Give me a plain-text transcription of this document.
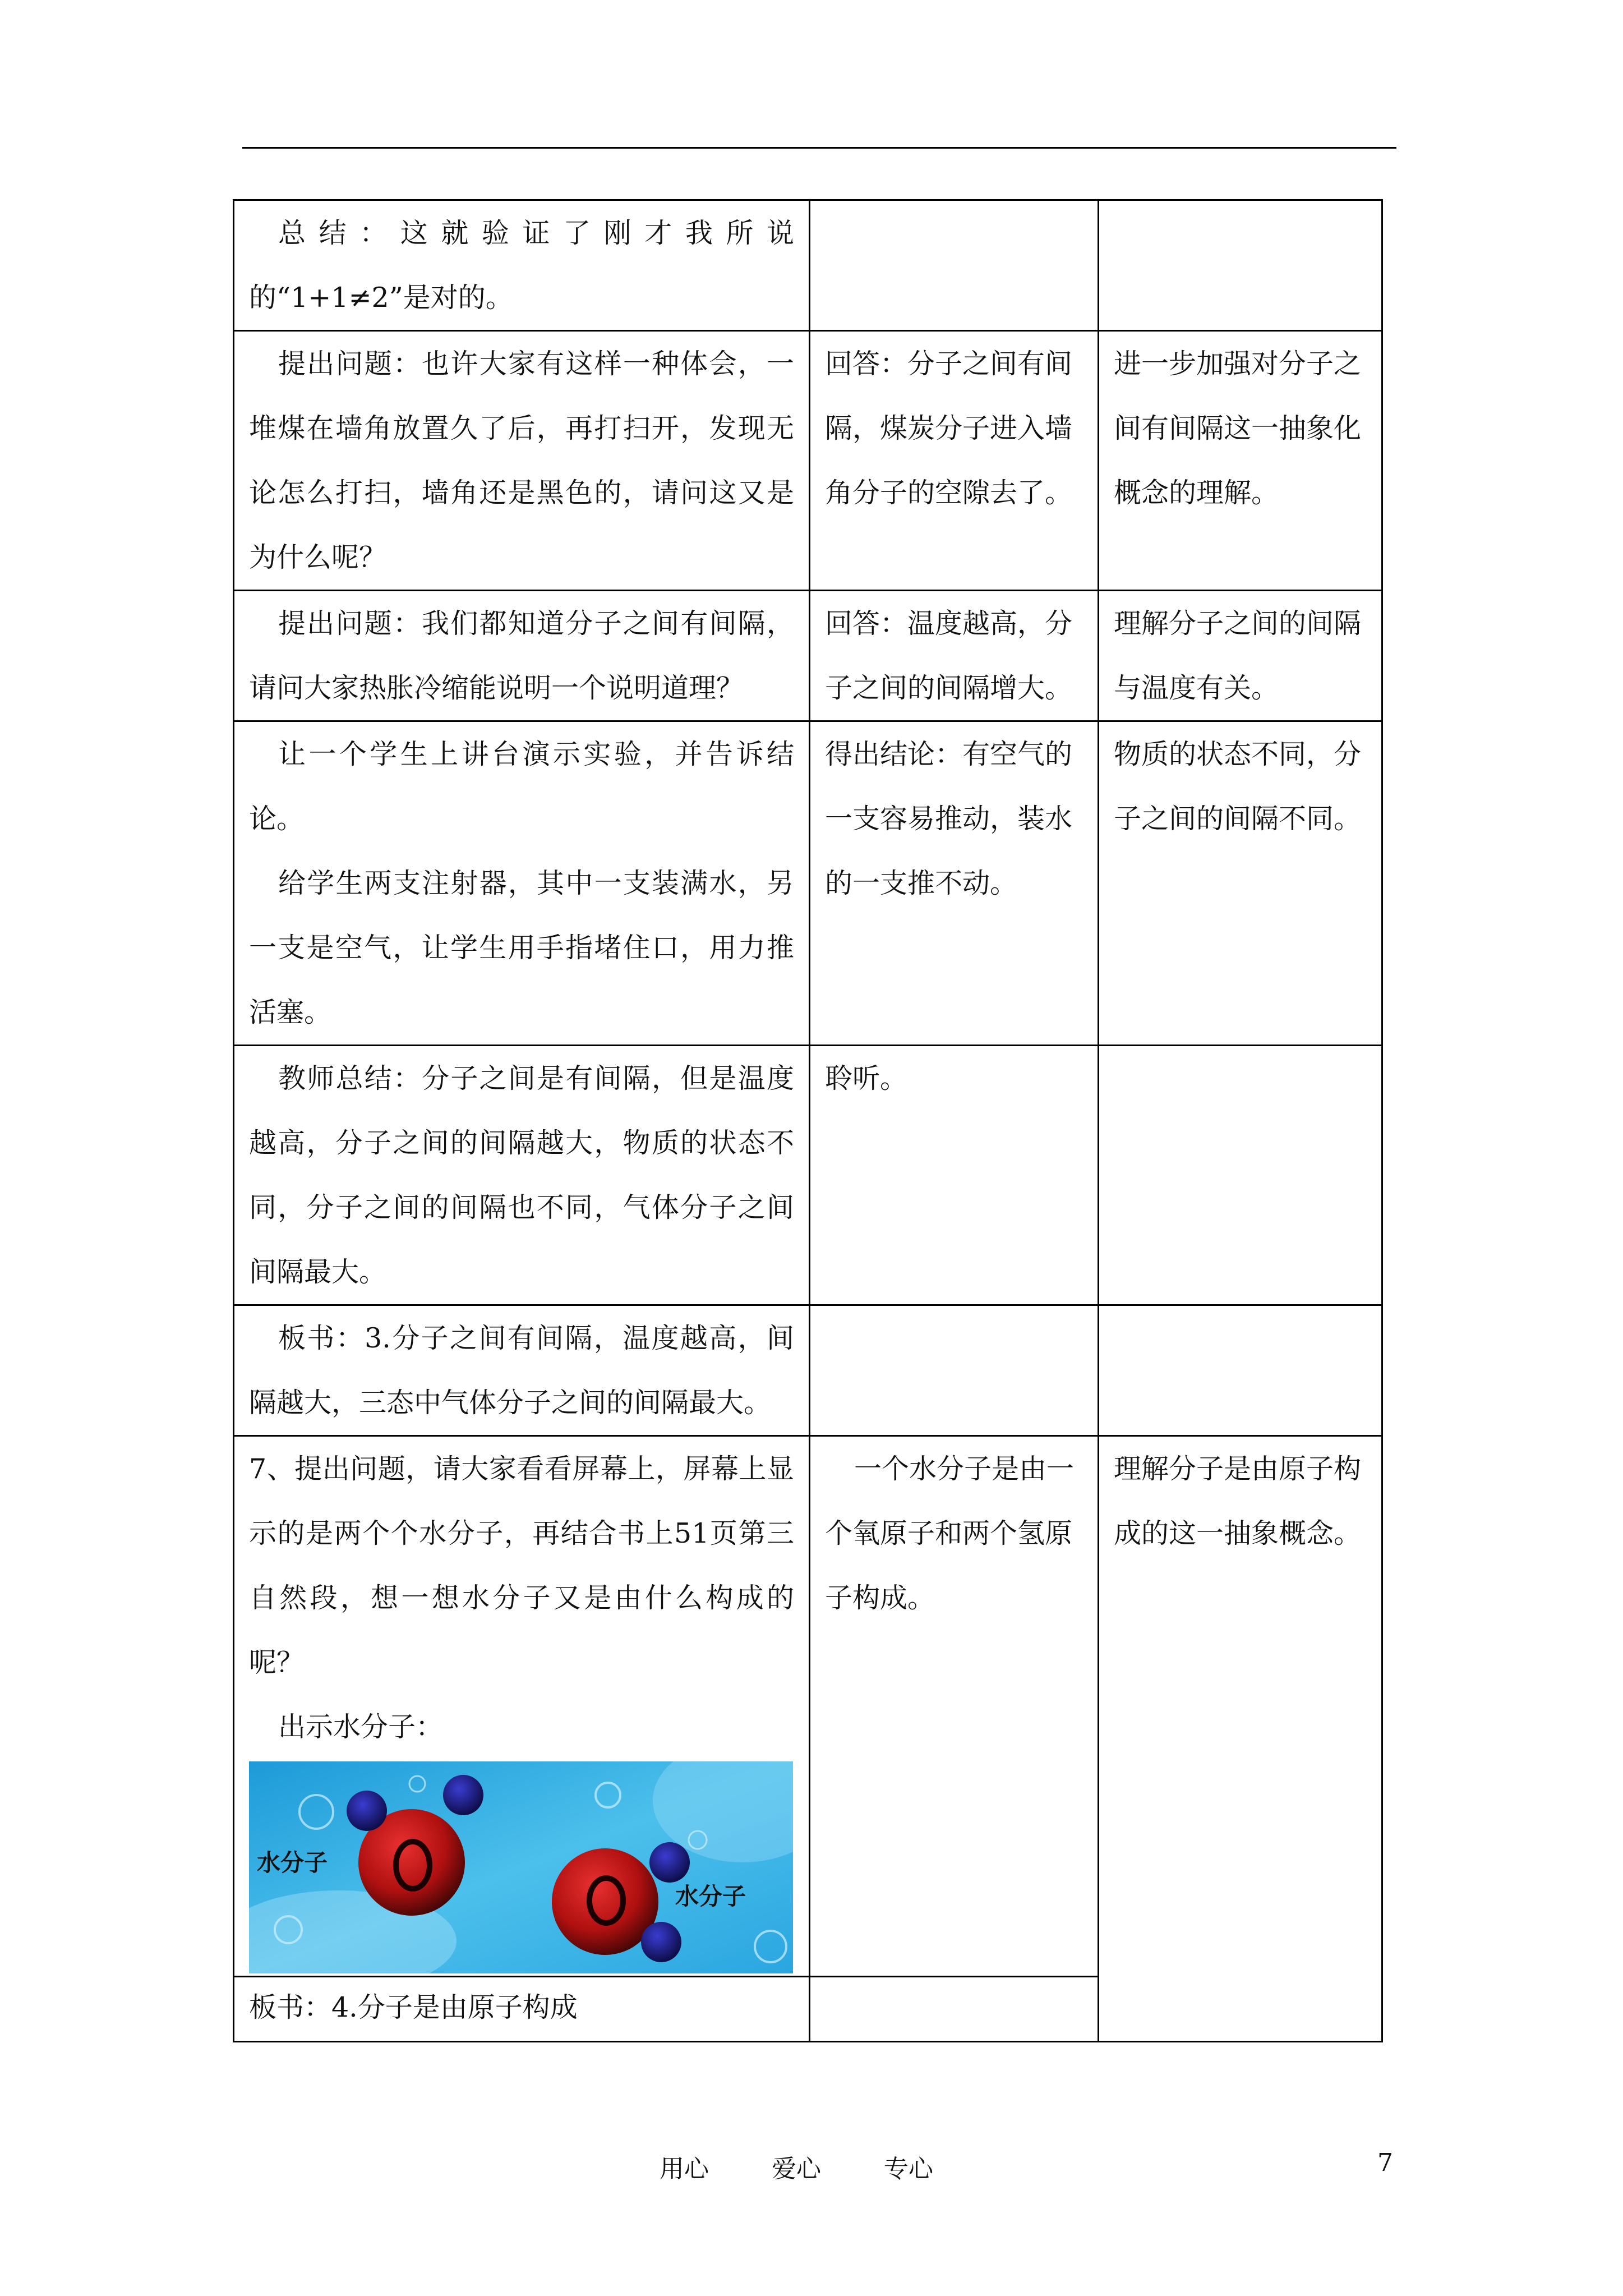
总结：这就验证了刚才我所说的“1+1≠2”是对的。		

提出问题：也许大家有这样一种体会，一堆煤在墙角放置久了后，再打扫开，发现无论怎么打扫，墙角还是黑色的，请问这又是为什么呢？	回答：分子之间有间隔，煤炭分子进入墙角分子的空隙去了。	进一步加强对分子之间有间隔这一抽象化概念的理解。

提出问题：我们都知道分子之间有间隔，请问大家热胀冷缩能说明一个说明道理？	回答：温度越高，分子之间的间隔增大。	理解分子之间的间隔与温度有关。

让一个学生上讲台演示实验，并告诉结论。
给学生两支注射器，其中一支装满水，另一支是空气，让学生用手指堵住口，用力推活塞。	得出结论：有空气的一支容易推动，装水的一支推不动。	物质的状态不同，分子之间的间隔不同。

教师总结：分子之间是有间隔，但是温度越高，分子之间的间隔越大，物质的状态不同，分子之间的间隔也不同，气体分子之间间隔最大。	聆听。	

板书：3.分子之间有间隔，温度越高，间隔越大，三态中气体分子之间的间隔最大。		

7、提出问题，请大家看看屏幕上，屏幕上显示的是两个个水分子，再结合书上51页第三自然段，想一想水分子又是由什么构成的呢？
出示水分子：
水分子
水分子	一个水分子是由一个氧原子和两个氢原子构成。	理解分子是由原子构成的这一抽象概念。

板书：4.分子是由原子构成		

用心	爱心	专心	7
